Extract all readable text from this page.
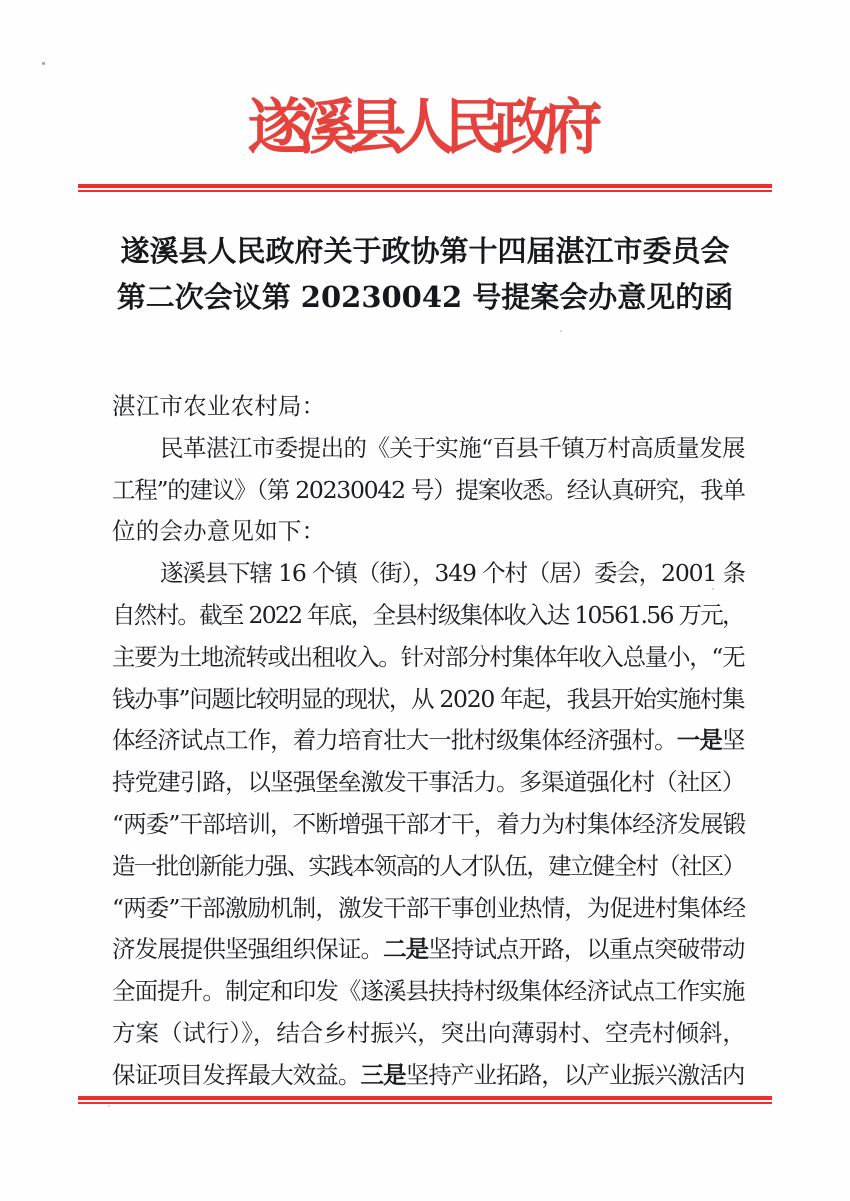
遂溪县人民政府
遂溪县人民政府关于政协第十四届湛江市委员会
第二次会议第 20230042 号提案会办意见的函
湛江市农业农村局：
民革湛江市委提出的《关于实施“百县千镇万村高质量发展
工程”的建议》（第 20230042 号）提案收悉。经认真研究，我单
位的会办意见如下：
遂溪县下辖 16 个镇（街），349 个村（居）委会，2001 条
自然村。截至 2022 年底，全县村级集体收入达 10561.56 万元，
主要为土地流转或出租收入。针对部分村集体年收入总量小，“无
钱办事”问题比较明显的现状，从 2020 年起，我县开始实施村集
体经济试点工作，着力培育壮大一批村级集体经济强村。一是坚
持党建引路，以坚强堡垒激发干事活力。多渠道强化村（社区）
“两委”干部培训，不断增强干部才干，着力为村集体经济发展锻
造一批创新能力强、实践本领高的人才队伍，建立健全村（社区）
“两委”干部激励机制，激发干部干事创业热情，为促进村集体经
济发展提供坚强组织保证。二是坚持试点开路，以重点突破带动
全面提升。制定和印发《遂溪县扶持村级集体经济试点工作实施
方案（试行）》，结合乡村振兴，突出向薄弱村、空壳村倾斜，
保证项目发挥最大效益。三是坚持产业拓路，以产业振兴激活内
